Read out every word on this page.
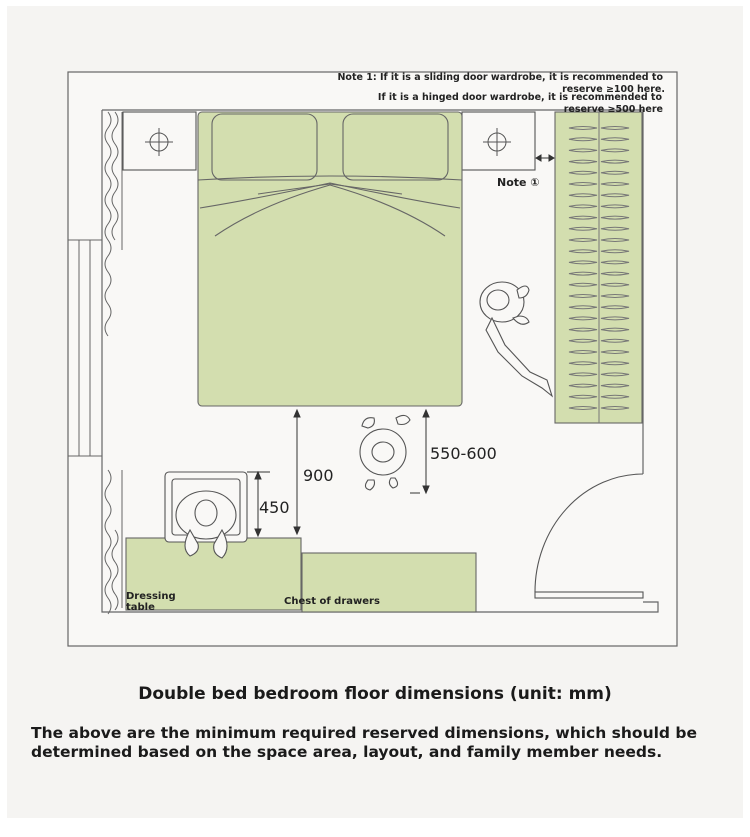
Note 1: If it is a sliding door wardrobe, it is recommended to
reserve ≥100 here.
If it is a hinged door wardrobe, it is recommended to
reserve ≥500 here
Note ①
900
550-600
450
Dressing
table
Chest of drawers
Double bed bedroom floor dimensions (unit: mm)
The above are the minimum required reserved dimensions, which should be determined based on the space area, layout, and family member needs.
